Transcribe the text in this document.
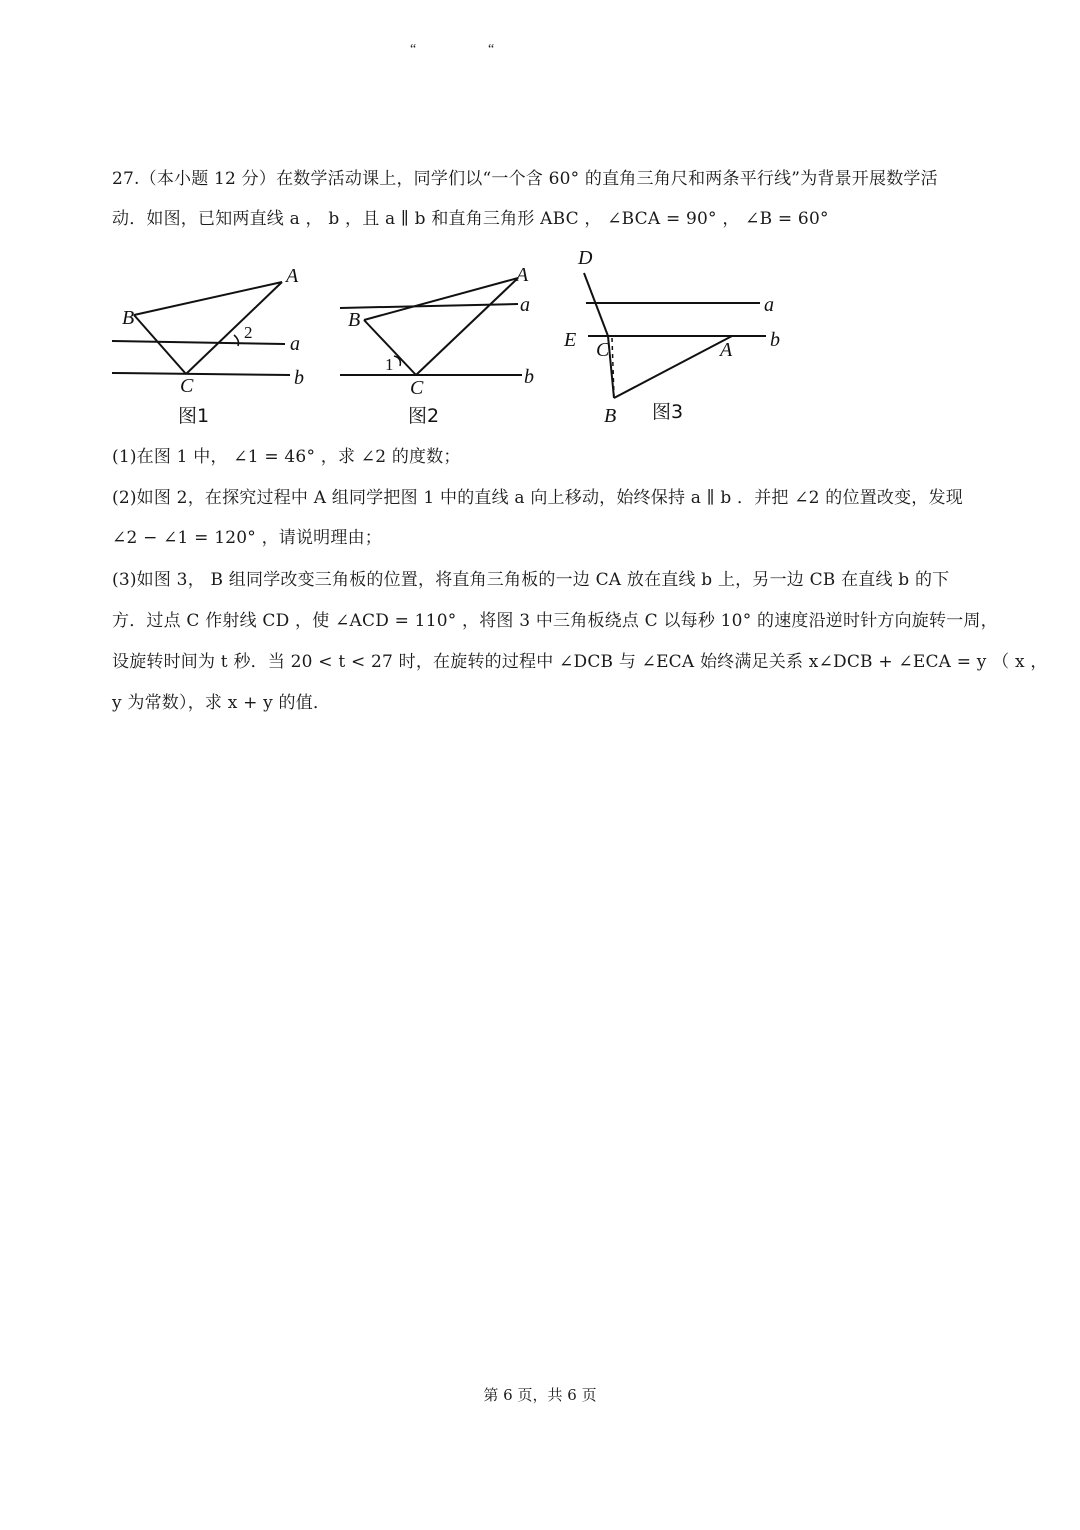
“	“
27.（本小题 12 分）在数学活动课上，同学们以“一个含 60° 的直角三角尺和两条平行线”为背景开展数学活
动．如图，已知两直线 a ， b ，且 a ∥ b 和直角三角形 ABC ， ∠BCA = 90° ， ∠B = 60°
B
A
C
a
b
2
图1
B
A
C
a
b
1
图2
D
E C	A
B
a
b
图3
(1)在图 1 中， ∠1 = 46° ，求 ∠2 的度数；
(2)如图 2，在探究过程中 A 组同学把图 1 中的直线 a 向上移动，始终保持 a ∥ b ．并把 ∠2 的位置改变，发现
∠2 − ∠1 = 120° ，请说明理由；
(3)如图 3， B 组同学改变三角板的位置，将直角三角板的一边 CA 放在直线 b 上，另一边 CB 在直线 b 的下
方．过点 C 作射线 CD ，使 ∠ACD = 110° ，将图 3 中三角板绕点 C 以每秒 10° 的速度沿逆时针方向旋转一周，
设旋转时间为 t 秒．当 20 < t < 27 时，在旋转的过程中 ∠DCB 与 ∠ECA 始终满足关系 x∠DCB + ∠ECA = y （ x ，
y 为常数），求 x + y 的值．
第 6 页，共 6 页
